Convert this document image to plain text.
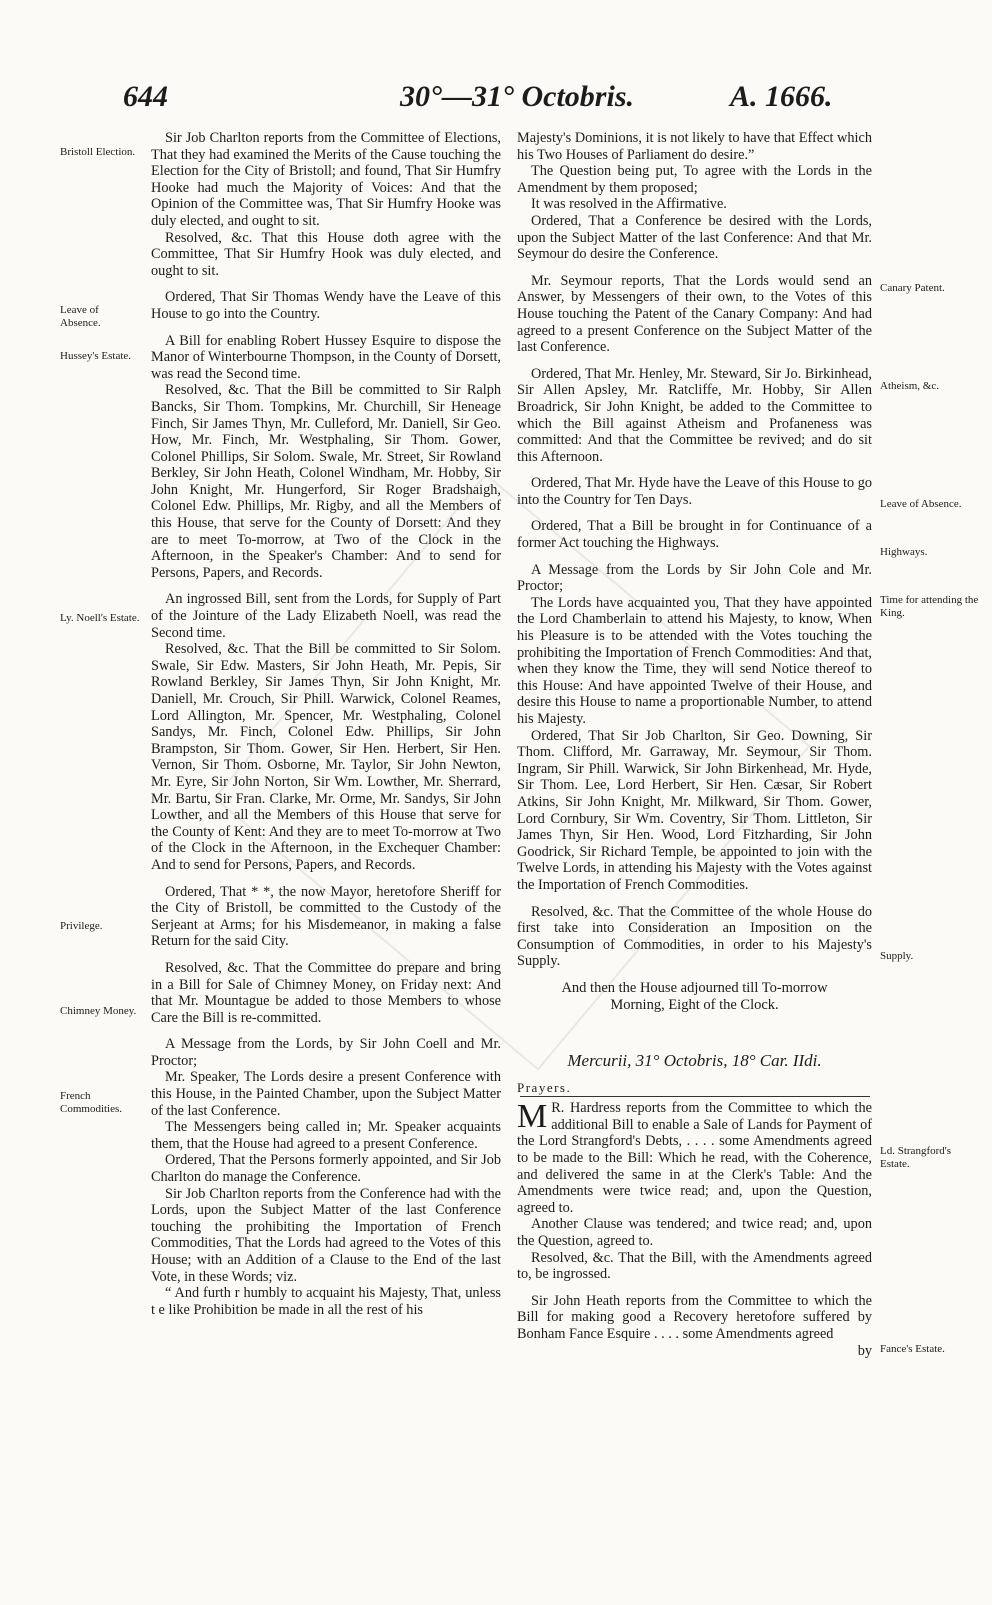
644	30°—31° Octobris.	A. 1666.
Bristoll Election.
Leave of Absence.
Hussey's Estate.
Ly. Noell's Estate.
Privilege.
Chimney Money.
French Commodities.
Canary Patent.
Atheism, &c.
Leave of Absence.
Highways.
Time for attending the King.
Supply.
Ld. Strangford's Estate.
Fance's Estate.

Sir Job Charlton reports from the Committee of Elections, That they had examined the Merits of the Cause touching the Election for the City of Bristoll; and found, That Sir Humfry Hooke had much the Majority of Voices: And that the Opinion of the Committee was, That Sir Humfry Hooke was duly elected, and ought to sit.

Resolved, &c. That this House doth agree with the Committee, That Sir Humfry Hook was duly elected, and ought to sit.

Ordered, That Sir Thomas Wendy have the Leave of this House to go into the Country.

A Bill for enabling Robert Hussey Esquire to dispose the Manor of Winterbourne Thompson, in the County of Dorsett, was read the Second time.

Resolved, &c. That the Bill be committed to Sir Ralph Bancks, Sir Thom. Tompkins, Mr. Churchill, Sir Heneage Finch, Sir James Thyn, Mr. Culleford, Mr. Daniell, Sir Geo. How, Mr. Finch, Mr. Westphaling, Sir Thom. Gower, Colonel Phillips, Sir Solom. Swale, Mr. Street, Sir Rowland Berkley, Sir John Heath, Colonel Windham, Mr. Hobby, Sir John Knight, Mr. Hungerford, Sir Roger Bradshaigh, Colonel Edw. Phillips, Mr. Rigby, and all the Members of this House, that serve for the County of Dorsett: And they are to meet To-morrow, at Two of the Clock in the Afternoon, in the Speaker's Chamber: And to send for Persons, Papers, and Records.

An ingrossed Bill, sent from the Lords, for Supply of Part of the Jointure of the Lady Elizabeth Noell, was read the Second time.

Resolved, &c. That the Bill be committed to Sir Solom. Swale, Sir Edw. Masters, Sir John Heath, Mr. Pepis, Sir Rowland Berkley, Sir James Thyn, Sir John Knight, Mr. Daniell, Mr. Crouch, Sir Phill. Warwick, Colonel Reames, Lord Allington, Mr. Spencer, Mr. Westphaling, Colonel Sandys, Mr. Finch, Colonel Edw. Phillips, Sir John Brampston, Sir Thom. Gower, Sir Hen. Herbert, Sir Hen. Vernon, Sir Thom. Osborne, Mr. Taylor, Sir John Newton, Mr. Eyre, Sir John Norton, Sir Wm. Lowther, Mr. Sherrard, Mr. Bartu, Sir Fran. Clarke, Mr. Orme, Mr. Sandys, Sir John Lowther, and all the Members of this House that serve for the County of Kent: And they are to meet To-morrow at Two of the Clock in the Afternoon, in the Exchequer Chamber: And to send for Persons, Papers, and Records.

Ordered, That * *, the now Mayor, heretofore Sheriff for the City of Bristoll, be committed to the Custody of the Serjeant at Arms; for his Misdemeanor, in making a false Return for the said City.

Resolved, &c. That the Committee do prepare and bring in a Bill for Sale of Chimney Money, on Friday next: And that Mr. Mountague be added to those Members to whose Care the Bill is re-committed.

A Message from the Lords, by Sir John Coell and Mr. Proctor;

Mr. Speaker, The Lords desire a present Conference with this House, in the Painted Chamber, upon the Subject Matter of the last Conference.

The Messengers being called in; Mr. Speaker acquaints them, that the House had agreed to a present Conference.

Ordered, That the Persons formerly appointed, and Sir Job Charlton do manage the Conference.

Sir Job Charlton reports from the Conference had with the Lords, upon the Subject Matter of the last Conference touching the prohibiting the Importation of French Commodities, That the Lords had agreed to the Votes of this House; with an Addition of a Clause to the End of the last Vote, in these Words; viz.

“ And furth r humbly to acquaint his Majesty, That, unless t e like Prohibition be made in all the rest of his

Majesty's Dominions, it is not likely to have that Effect which his Two Houses of Parliament do desire.”

The Question being put, To agree with the Lords in the Amendment by them proposed;

It was resolved in the Affirmative.

Ordered, That a Conference be desired with the Lords, upon the Subject Matter of the last Conference: And that Mr. Seymour do desire the Conference.

Mr. Seymour reports, That the Lords would send an Answer, by Messengers of their own, to the Votes of this House touching the Patent of the Canary Company: And had agreed to a present Conference on the Subject Matter of the last Conference.

Ordered, That Mr. Henley, Mr. Steward, Sir Jo. Birkinhead, Sir Allen Apsley, Mr. Ratcliffe, Mr. Hobby, Sir Allen Broadrick, Sir John Knight, be added to the Committee to which the Bill against Atheism and Profaneness was committed: And that the Committee be revived; and do sit this Afternoon.

Ordered, That Mr. Hyde have the Leave of this House to go into the Country for Ten Days.

Ordered, That a Bill be brought in for Continuance of a former Act touching the Highways.

A Message from the Lords by Sir John Cole and Mr. Proctor;

The Lords have acquainted you, That they have appointed the Lord Chamberlain to attend his Majesty, to know, When his Pleasure is to be attended with the Votes touching the prohibiting the Importation of French Commodities: And that, when they know the Time, they will send Notice thereof to this House: And have appointed Twelve of their House, and desire this House to name a proportionable Number, to attend his Majesty.

Ordered, That Sir Job Charlton, Sir Geo. Downing, Sir Thom. Clifford, Mr. Garraway, Mr. Seymour, Sir Thom. Ingram, Sir Phill. Warwick, Sir John Birkenhead, Mr. Hyde, Sir Thom. Lee, Lord Herbert, Sir Hen. Cæsar, Sir Robert Atkins, Sir John Knight, Mr. Milkward, Sir Thom. Gower, Lord Cornbury, Sir Wm. Coventry, Sir Thom. Littleton, Sir James Thyn, Sir Hen. Wood, Lord Fitzharding, Sir John Goodrick, Sir Richard Temple, be appointed to join with the Twelve Lords, in attending his Majesty with the Votes against the Importation of French Commodities.

Resolved, &c. That the Committee of the whole House do first take into Consideration an Imposition on the Consumption of Commodities, in order to his Majesty's Supply.

And then the House adjourned till To-morrow Morning, Eight of the Clock.

Mercurii, 31° Octobris, 18° Car. IIdi.
Prayers.
M R. Hardress reports from the Committee to which the additional Bill to enable a Sale of Lands for Payment of the Lord Strangford's Debts, . . . . some Amendments agreed to be made to the Bill: Which he read, with the Coherence, and delivered the same in at the Clerk's Table: And the Amendments were twice read; and, upon the Question, agreed to.

Another Clause was tendered; and twice read; and, upon the Question, agreed to.

Resolved, &c. That the Bill, with the Amendments agreed to, be ingrossed.

Sir John Heath reports from the Committee to which the Bill for making good a Recovery heretofore suffered by Bonham Fance Esquire . . . . some Amendments agreed

by
